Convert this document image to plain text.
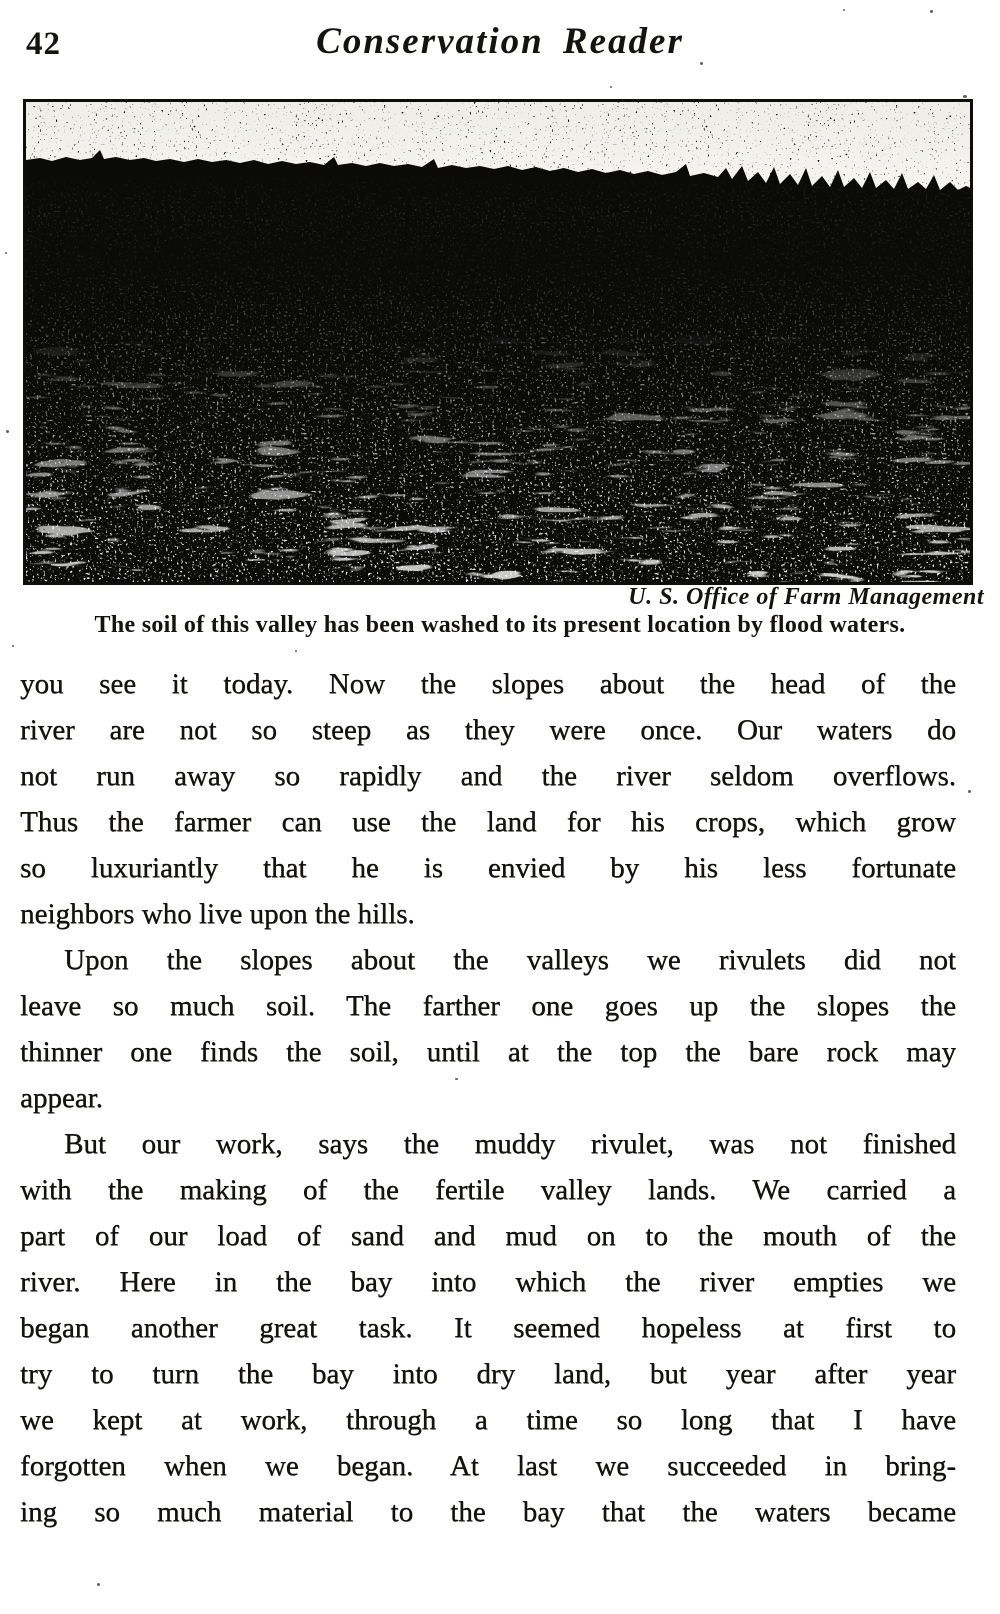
42	Conservation Reader
U. S. Office of Farm Management
The soil of this valley has been washed to its present location by flood waters.
you see it today. Now the slopes about the head of the
river are not so steep as they were once. Our waters do
not run away so rapidly and the river seldom overflows.
Thus the farmer can use the land for his crops, which grow
so luxuriantly that he is envied by his less fortunate
neighbors who live upon the hills.
Upon the slopes about the valleys we rivulets did not
leave so much soil. The farther one goes up the slopes the
thinner one finds the soil, until at the top the bare rock may
appear.
But our work, says the muddy rivulet, was not finished
with the making of the fertile valley lands. We carried a
part of our load of sand and mud on to the mouth of the
river. Here in the bay into which the river empties we
began another great task. It seemed hopeless at first to
try to turn the bay into dry land, but year after year
we kept at work, through a time so long that I have
forgotten when we began. At last we succeeded in bring-
ing so much material to the bay that the waters became
